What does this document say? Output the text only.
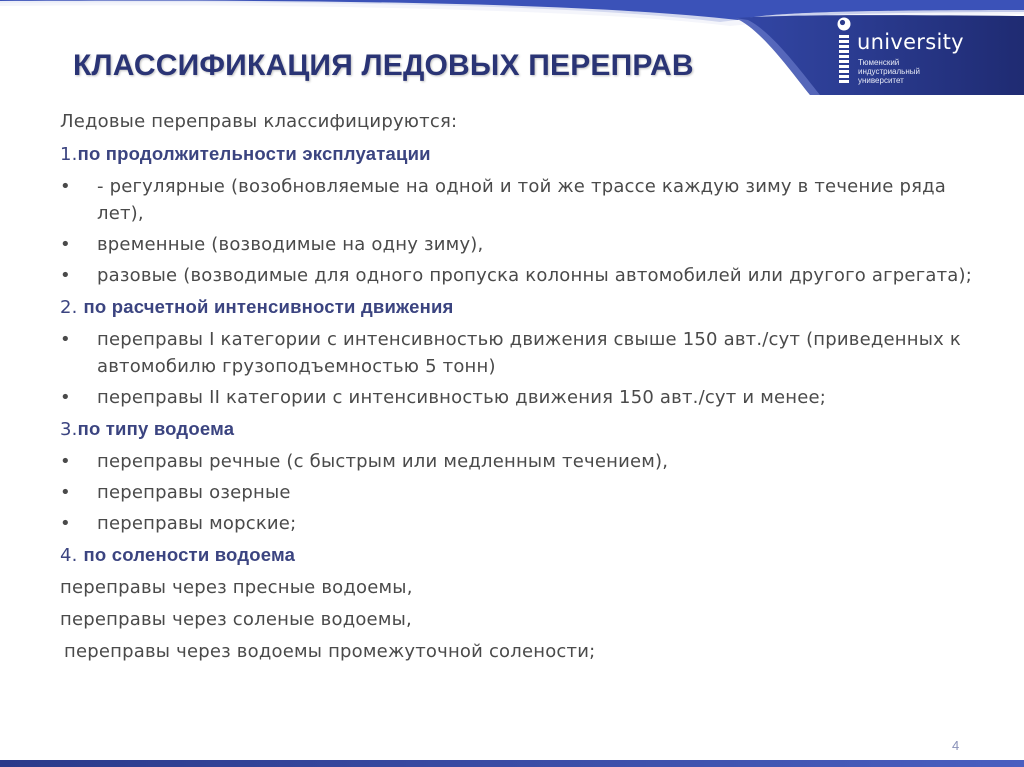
КЛАССИФИКАЦИЯ ЛЕДОВЫХ ПЕРЕПРАВ
university
Тюменский
индустриальный
университет

Ледовые переправы классифицируются:

1.по продолжительности эксплуатации

• - регулярные (возобновляемые на одной и той же трассе каждую зиму в течение ряда лет),

• временные (возводимые на одну зиму),

• разовые (возводимые для одного пропуска колонны автомобилей или другого агрегата);

2. по расчетной интенсивности движения

• переправы I категории с интенсивностью движения свыше 150 авт./сут (приведенных к автомобилю грузоподъемностью 5 тонн)

• переправы II категории с интенсивностью движения 150 авт./сут и менее;

3.по типу водоема

• переправы речные (с быстрым или медленным течением),

• переправы озерные

• переправы морские;

4. по солености водоема

переправы через пресные водоемы,

переправы через соленые водоемы,

переправы через водоемы промежуточной солености;

4
